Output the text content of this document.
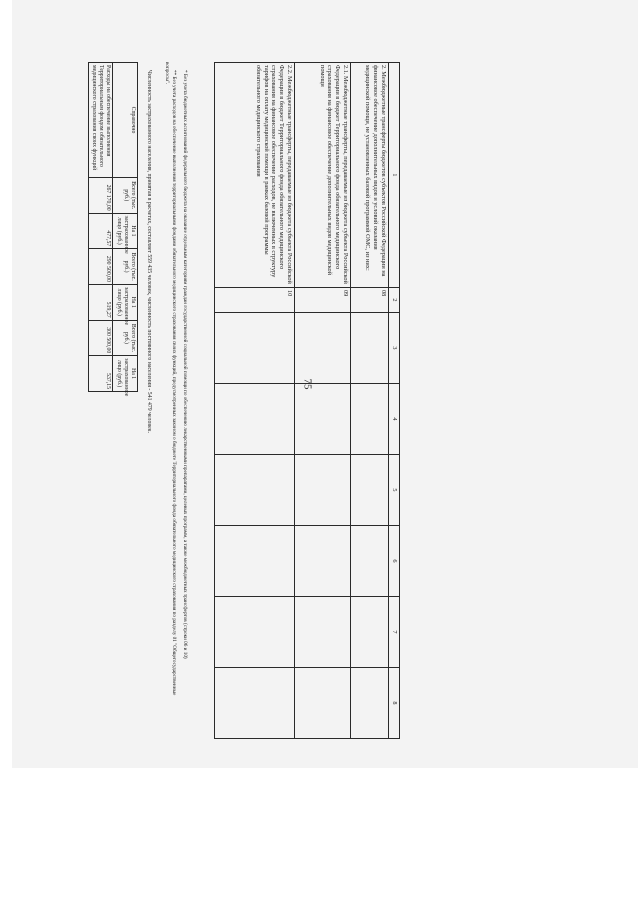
75
1	2	3	4	5	6	7	8
2. Межбюджетные трансферты бюджетов субъектов Российской Федерации на финансовое обеспечение дополнительных видов и условий оказания медицинской помощи, не установленных базовой программой ОМС, из них:	08						
2.1. Межбюджетные трансферты, передаваемые из бюджета субъекта Российской Федерации в бюджет Территориального фонда обязательного медицинского страхования на финансовое обеспечение дополнительных видов медицинской помощи	09						
2.2. Межбюджетные трансферты, передаваемые из бюджета субъекта Российской Федерации в бюджет Территориального фонда обязательного медицинского страхования на финансовое обеспечение расходов, не включенных в структуру тарифов на оплату медицинской помощи в рамках базовой программы обязательного медицинского страхования	10						

* Без учета бюджетных ассигнований федерального бюджета на оказание отдельным категориям граждан государственной социальной помощи по обеспечению лекарственными препаратами, целевых программ, а также межбюджетных трансфертов (строки 06 и 10)

** Без учета расходов на обеспечение выполнения территориальными фондами обязательного медицинского страхования своих функций, предусмотренных законом о бюджете Территориального фонда обязательного медицинского страхования по разделу 01 "Общегосударственные вопросы".

Численность застрахованного населения, принятая в расчетах, составляет 559 435 человек, численность постоянного населения - 541 479 человек.
Справочно	Всего (тыс. руб.)	На 1 застрахованное лицо (руб.)	Всего (тыс. руб.)	На 1 застрахованное лицо (руб.)	Всего (тыс. руб.)	На 1 застрахованное лицо (руб.)
Расходы на обеспечение выполнения Территориальным фондом обязательного медицинского страхования своих функций	267 170,00	477,57	290 500,00	519,27	300 500,00	537,15
